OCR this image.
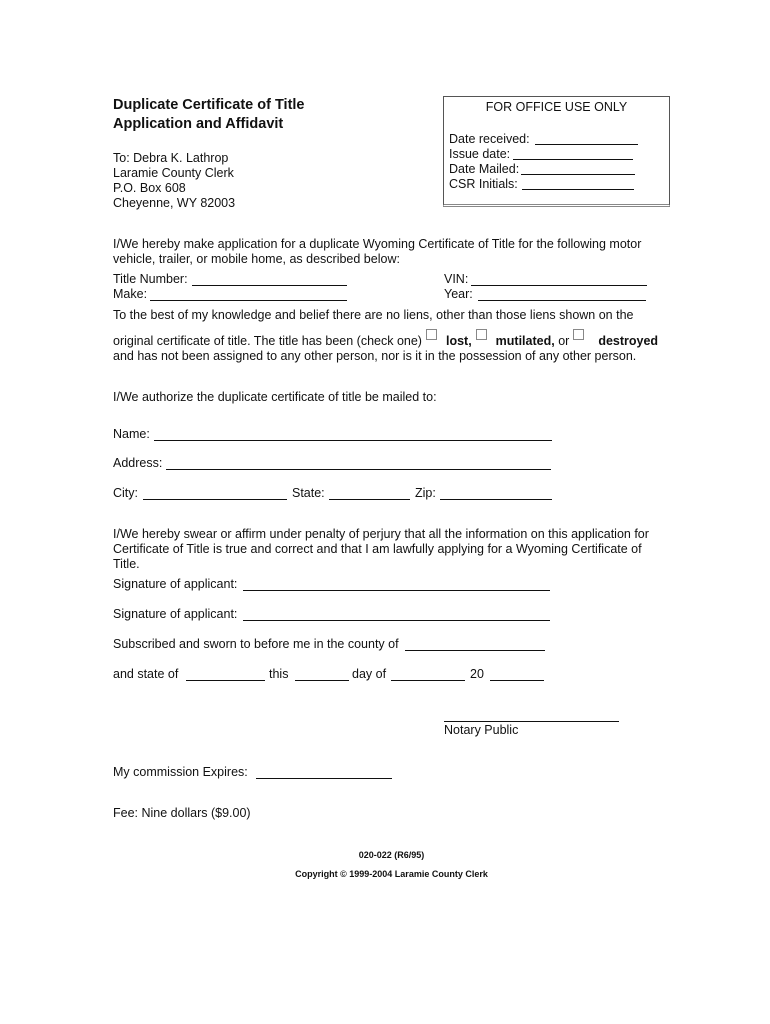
Duplicate Certificate of Title
Application and Affidavit
FOR OFFICE USE ONLY
Date received:
Issue date:
Date Mailed:
CSR Initials:
To: Debra K. Lathrop
Laramie County Clerk
P.O. Box 608
Cheyenne, WY 82003
I/We hereby make application for a duplicate Wyoming Certificate of Title for the following motor
vehicle, trailer, or mobile home, as described below:
Title Number:	VIN:
Make:	Year:
To the best of my knowledge and belief there are no liens, other than those liens shown on the
original certificate of title. The title has been (check one) lost, mutilated, or destroyed
and has not been assigned to any other person, nor is it in the possession of any other person.
I/We authorize the duplicate certificate of title be mailed to:
Name:
Address:
City:	State:	Zip:
I/We hereby swear or affirm under penalty of perjury that all the information on this application for
Certificate of Title is true and correct and that I am lawfully applying for a Wyoming Certificate of
Title.
Signature of applicant:
Signature of applicant:
Subscribed and sworn to before me in the county of
and state of	this	day of	20
Notary Public
My commission Expires:
Fee: Nine dollars ($9.00)
020-022 (R6/95)
Copyright © 1999-2004 Laramie County Clerk
